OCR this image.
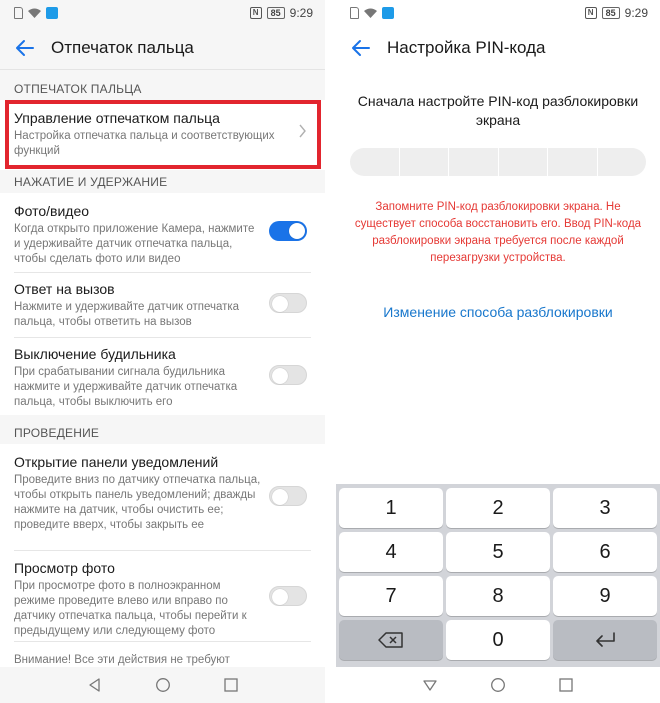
N	85 9:29
Отпечаток пальца
ОТПЕЧАТОК ПАЛЬЦА
Управление отпечатком пальца
Настройка отпечатка пальца и соответствующих функций
НАЖАТИЕ И УДЕРЖАНИЕ
Фото/видео
Когда открыто приложение Камера, нажмите и удерживайте датчик отпечатка пальца, чтобы сделать фото или видео
Ответ на вызов
Нажмите и удерживайте датчик отпечатка пальца, чтобы ответить на вызов
Выключение будильника
При срабатывании сигнала будильника нажмите и удерживайте датчик отпечатка пальца, чтобы выключить его
ПРОВЕДЕНИЕ
Открытие панели уведомлений
Проведите вниз по датчику отпечатка пальца, чтобы открыть панель уведомлений; дважды нажмите на датчик, чтобы очистить ее; проведите вверх, чтобы закрыть ее
Просмотр фото
При просмотре фото в полноэкранном режиме проведите влево или вправо по датчику отпечатка пальца, чтобы перейти к предыдущему или следующему фото
Внимание! Все эти действия не требуют
N	85 9:29
Настройка PIN-кода
Сначала настройте PIN-код разблокировки экрана
Запомните PIN-код разблокировки экрана. Не существует способа восстановить его. Ввод PIN-кода разблокировки экрана требуется после каждой перезагрузки устройства.
Изменение способа разблокировки
1	2	3
4	5	6
7	8	9
0
